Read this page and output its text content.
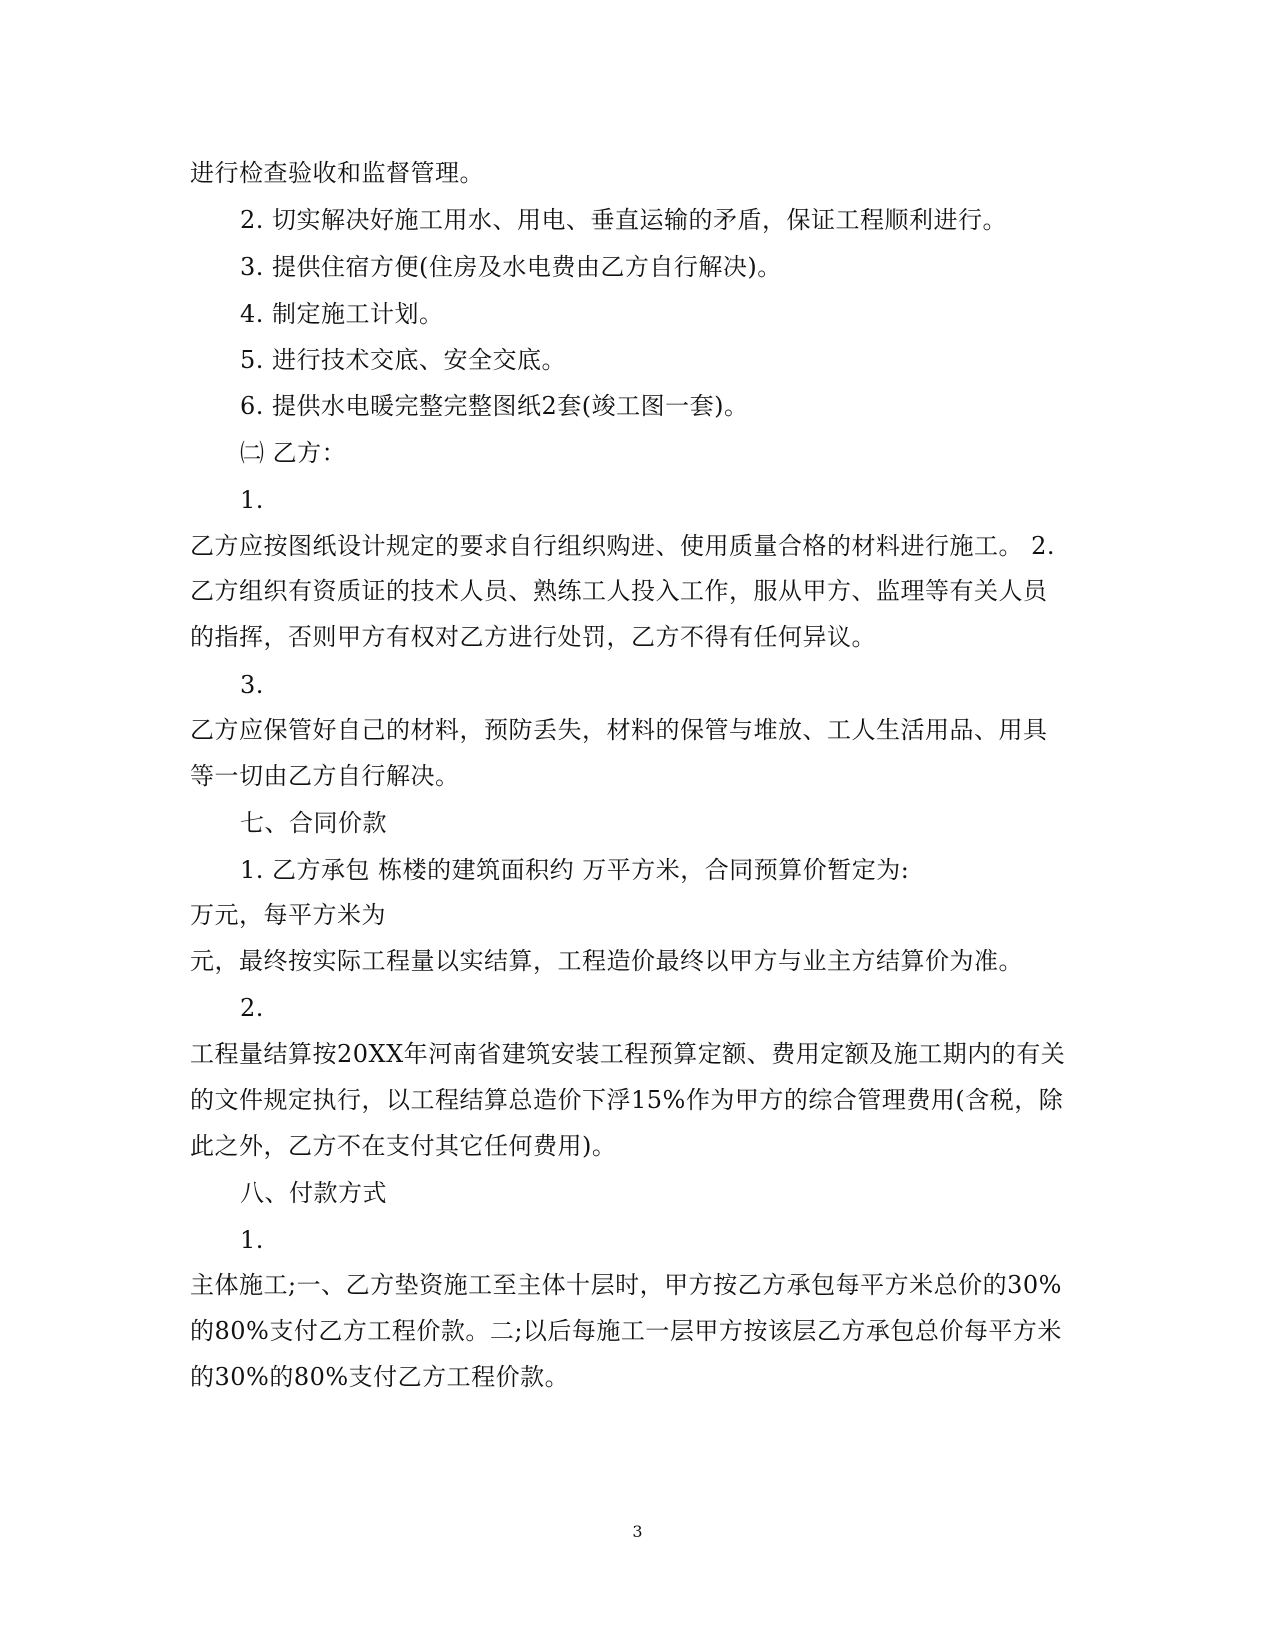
进行检查验收和监督管理。
2. 切实解决好施工用水、用电、垂直运输的矛盾，保证工程顺利进行。
3. 提供住宿方便(住房及水电费由乙方自行解决)。
4. 制定施工计划。
5. 进行技术交底、安全交底。
6. 提供水电暖完整完整图纸2套(竣工图一套)。
㈡ 乙方：
1.
乙方应按图纸设计规定的要求自行组织购进、使用质量合格的材料进行施工。 2.
乙方组织有资质证的技术人员、熟练工人投入工作，服从甲方、监理等有关人员
的指挥，否则甲方有权对乙方进行处罚，乙方不得有任何异议。
3.
乙方应保管好自己的材料，预防丢失，材料的保管与堆放、工人生活用品、用具
等一切由乙方自行解决。
七、合同价款
1. 乙方承包 栋楼的建筑面积约 万平方米，合同预算价暂定为:
万元，每平方米为
元，最终按实际工程量以实结算，工程造价最终以甲方与业主方结算价为准。
2.
工程量结算按20XX年河南省建筑安装工程预算定额、费用定额及施工期内的有关
的文件规定执行，以工程结算总造价下浮15%作为甲方的综合管理费用(含税，除
此之外，乙方不在支付其它任何费用)。
八、付款方式
1.
主体施工;一、乙方垫资施工至主体十层时，甲方按乙方承包每平方米总价的30%
的80%支付乙方工程价款。二;以后每施工一层甲方按该层乙方承包总价每平方米
的30%的80%支付乙方工程价款。
3
